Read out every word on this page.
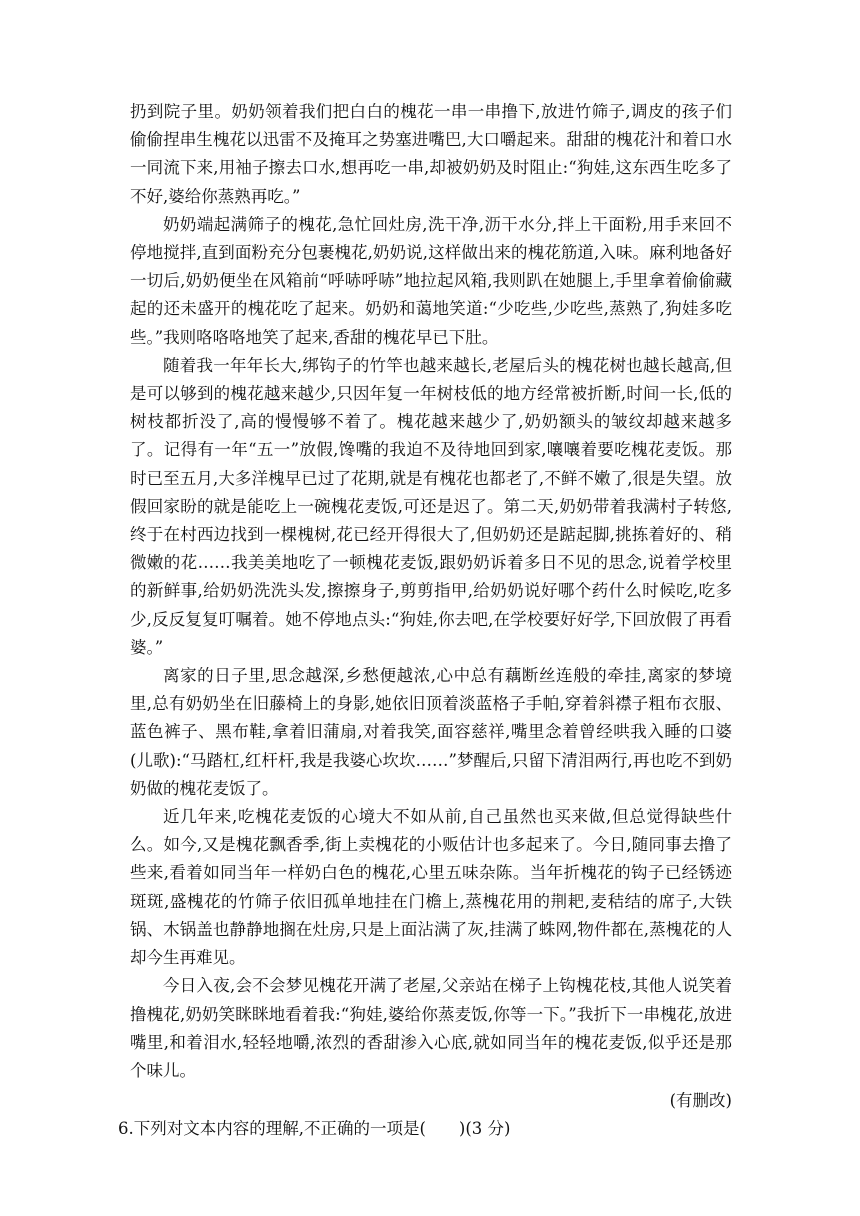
扔到院子里。奶奶领着我们把白白的槐花一串一串撸下,放进竹筛子,调皮的孩子们偷偷捏串生槐花以迅雷不及掩耳之势塞进嘴巴,大口嚼起来。甜甜的槐花汁和着口水一同流下来,用袖子擦去口水,想再吃一串,却被奶奶及时阻止:“狗娃,这东西生吃多了不好,婆给你蒸熟再吃。”

奶奶端起满筛子的槐花,急忙回灶房,洗干净,沥干水分,拌上干面粉,用手来回不停地搅拌,直到面粉充分包裹槐花,奶奶说,这样做出来的槐花筋道,入味。麻利地备好一切后,奶奶便坐在风箱前“呼哧呼哧”地拉起风箱,我则趴在她腿上,手里拿着偷偷藏起的还未盛开的槐花吃了起来。奶奶和蔼地笑道:“少吃些,少吃些,蒸熟了,狗娃多吃些。”我则咯咯咯地笑了起来,香甜的槐花早已下肚。

随着我一年年长大,绑钩子的竹竿也越来越长,老屋后头的槐花树也越长越高,但是可以够到的槐花越来越少,只因年复一年树枝低的地方经常被折断,时间一长,低的树枝都折没了,高的慢慢够不着了。槐花越来越少了,奶奶额头的皱纹却越来越多了。记得有一年“五一”放假,馋嘴的我迫不及待地回到家,嚷嚷着要吃槐花麦饭。那时已至五月,大多洋槐早已过了花期,就是有槐花也都老了,不鲜不嫩了,很是失望。放假回家盼的就是能吃上一碗槐花麦饭,可还是迟了。第二天,奶奶带着我满村子转悠,终于在村西边找到一棵槐树,花已经开得很大了,但奶奶还是踮起脚,挑拣着好的、稍微嫩的花……我美美地吃了一顿槐花麦饭,跟奶奶诉着多日不见的思念,说着学校里的新鲜事,给奶奶洗洗头发,擦擦身子,剪剪指甲,给奶奶说好哪个药什么时候吃,吃多少,反反复复叮嘱着。她不停地点头:“狗娃,你去吧,在学校要好好学,下回放假了再看婆。”

离家的日子里,思念越深,乡愁便越浓,心中总有藕断丝连般的牵挂,离家的梦境里,总有奶奶坐在旧藤椅上的身影,她依旧顶着淡蓝格子手帕,穿着斜襟子粗布衣服、蓝色裤子、黑布鞋,拿着旧蒲扇,对着我笑,面容慈祥,嘴里念着曾经哄我入睡的口婆(儿歌):“马踏杠,红杆杆,我是我婆心坎坎……”梦醒后,只留下清泪两行,再也吃不到奶奶做的槐花麦饭了。

近几年来,吃槐花麦饭的心境大不如从前,自己虽然也买来做,但总觉得缺些什么。如今,又是槐花飘香季,街上卖槐花的小贩估计也多起来了。今日,随同事去撸了些来,看着如同当年一样奶白色的槐花,心里五味杂陈。当年折槐花的钩子已经锈迹斑斑,盛槐花的竹筛子依旧孤单地挂在门檐上,蒸槐花用的荆耙,麦秸结的席子,大铁锅、木锅盖也静静地搁在灶房,只是上面沾满了灰,挂满了蛛网,物件都在,蒸槐花的人却今生再难见。

今日入夜,会不会梦见槐花开满了老屋,父亲站在梯子上钩槐花枝,其他人说笑着撸槐花,奶奶笑眯眯地看着我:“狗娃,婆给你蒸麦饭,你等一下。”我折下一串槐花,放进嘴里,和着泪水,轻轻地嚼,浓烈的香甜渗入心底,就如同当年的槐花麦饭,似乎还是那个味儿。

(有删改)

6.下列对文本内容的理解,不正确的一项是(　　)(3 分)
